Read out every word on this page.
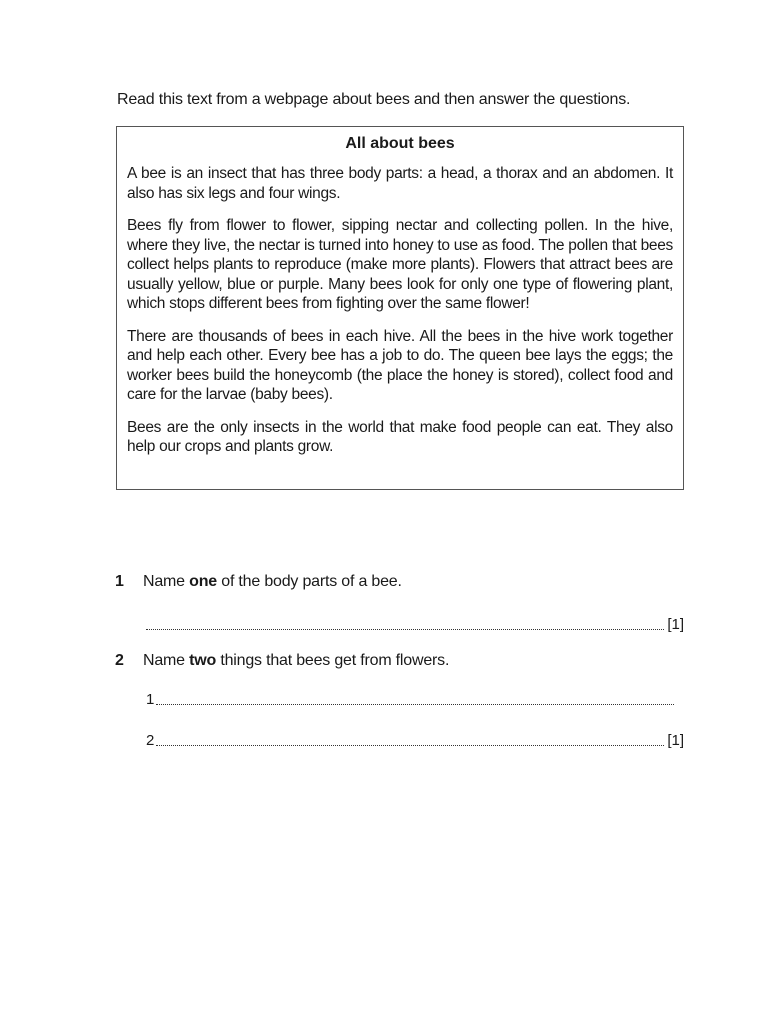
Read this text from a webpage about bees and then answer the questions.
All about bees

A bee is an insect that has three body parts: a head, a thorax and an abdomen. It also has six legs and four wings.

Bees fly from flower to flower, sipping nectar and collecting pollen. In the hive, where they live, the nectar is turned into honey to use as food. The pollen that bees collect helps plants to reproduce (make more plants). Flowers that attract bees are usually yellow, blue or purple. Many bees look for only one type of flowering plant, which stops different bees from fighting over the same flower!

There are thousands of bees in each hive. All the bees in the hive work together and help each other. Every bee has a job to do. The queen bee lays the eggs; the worker bees build the honeycomb (the place the honey is stored), collect food and care for the larvae (baby bees).

Bees are the only insects in the world that make food people can eat. They also help our crops and plants grow.

1 Name one of the body parts of a bee.
[1]
2 Name two things that bees get from flowers.
1
2	[1]
